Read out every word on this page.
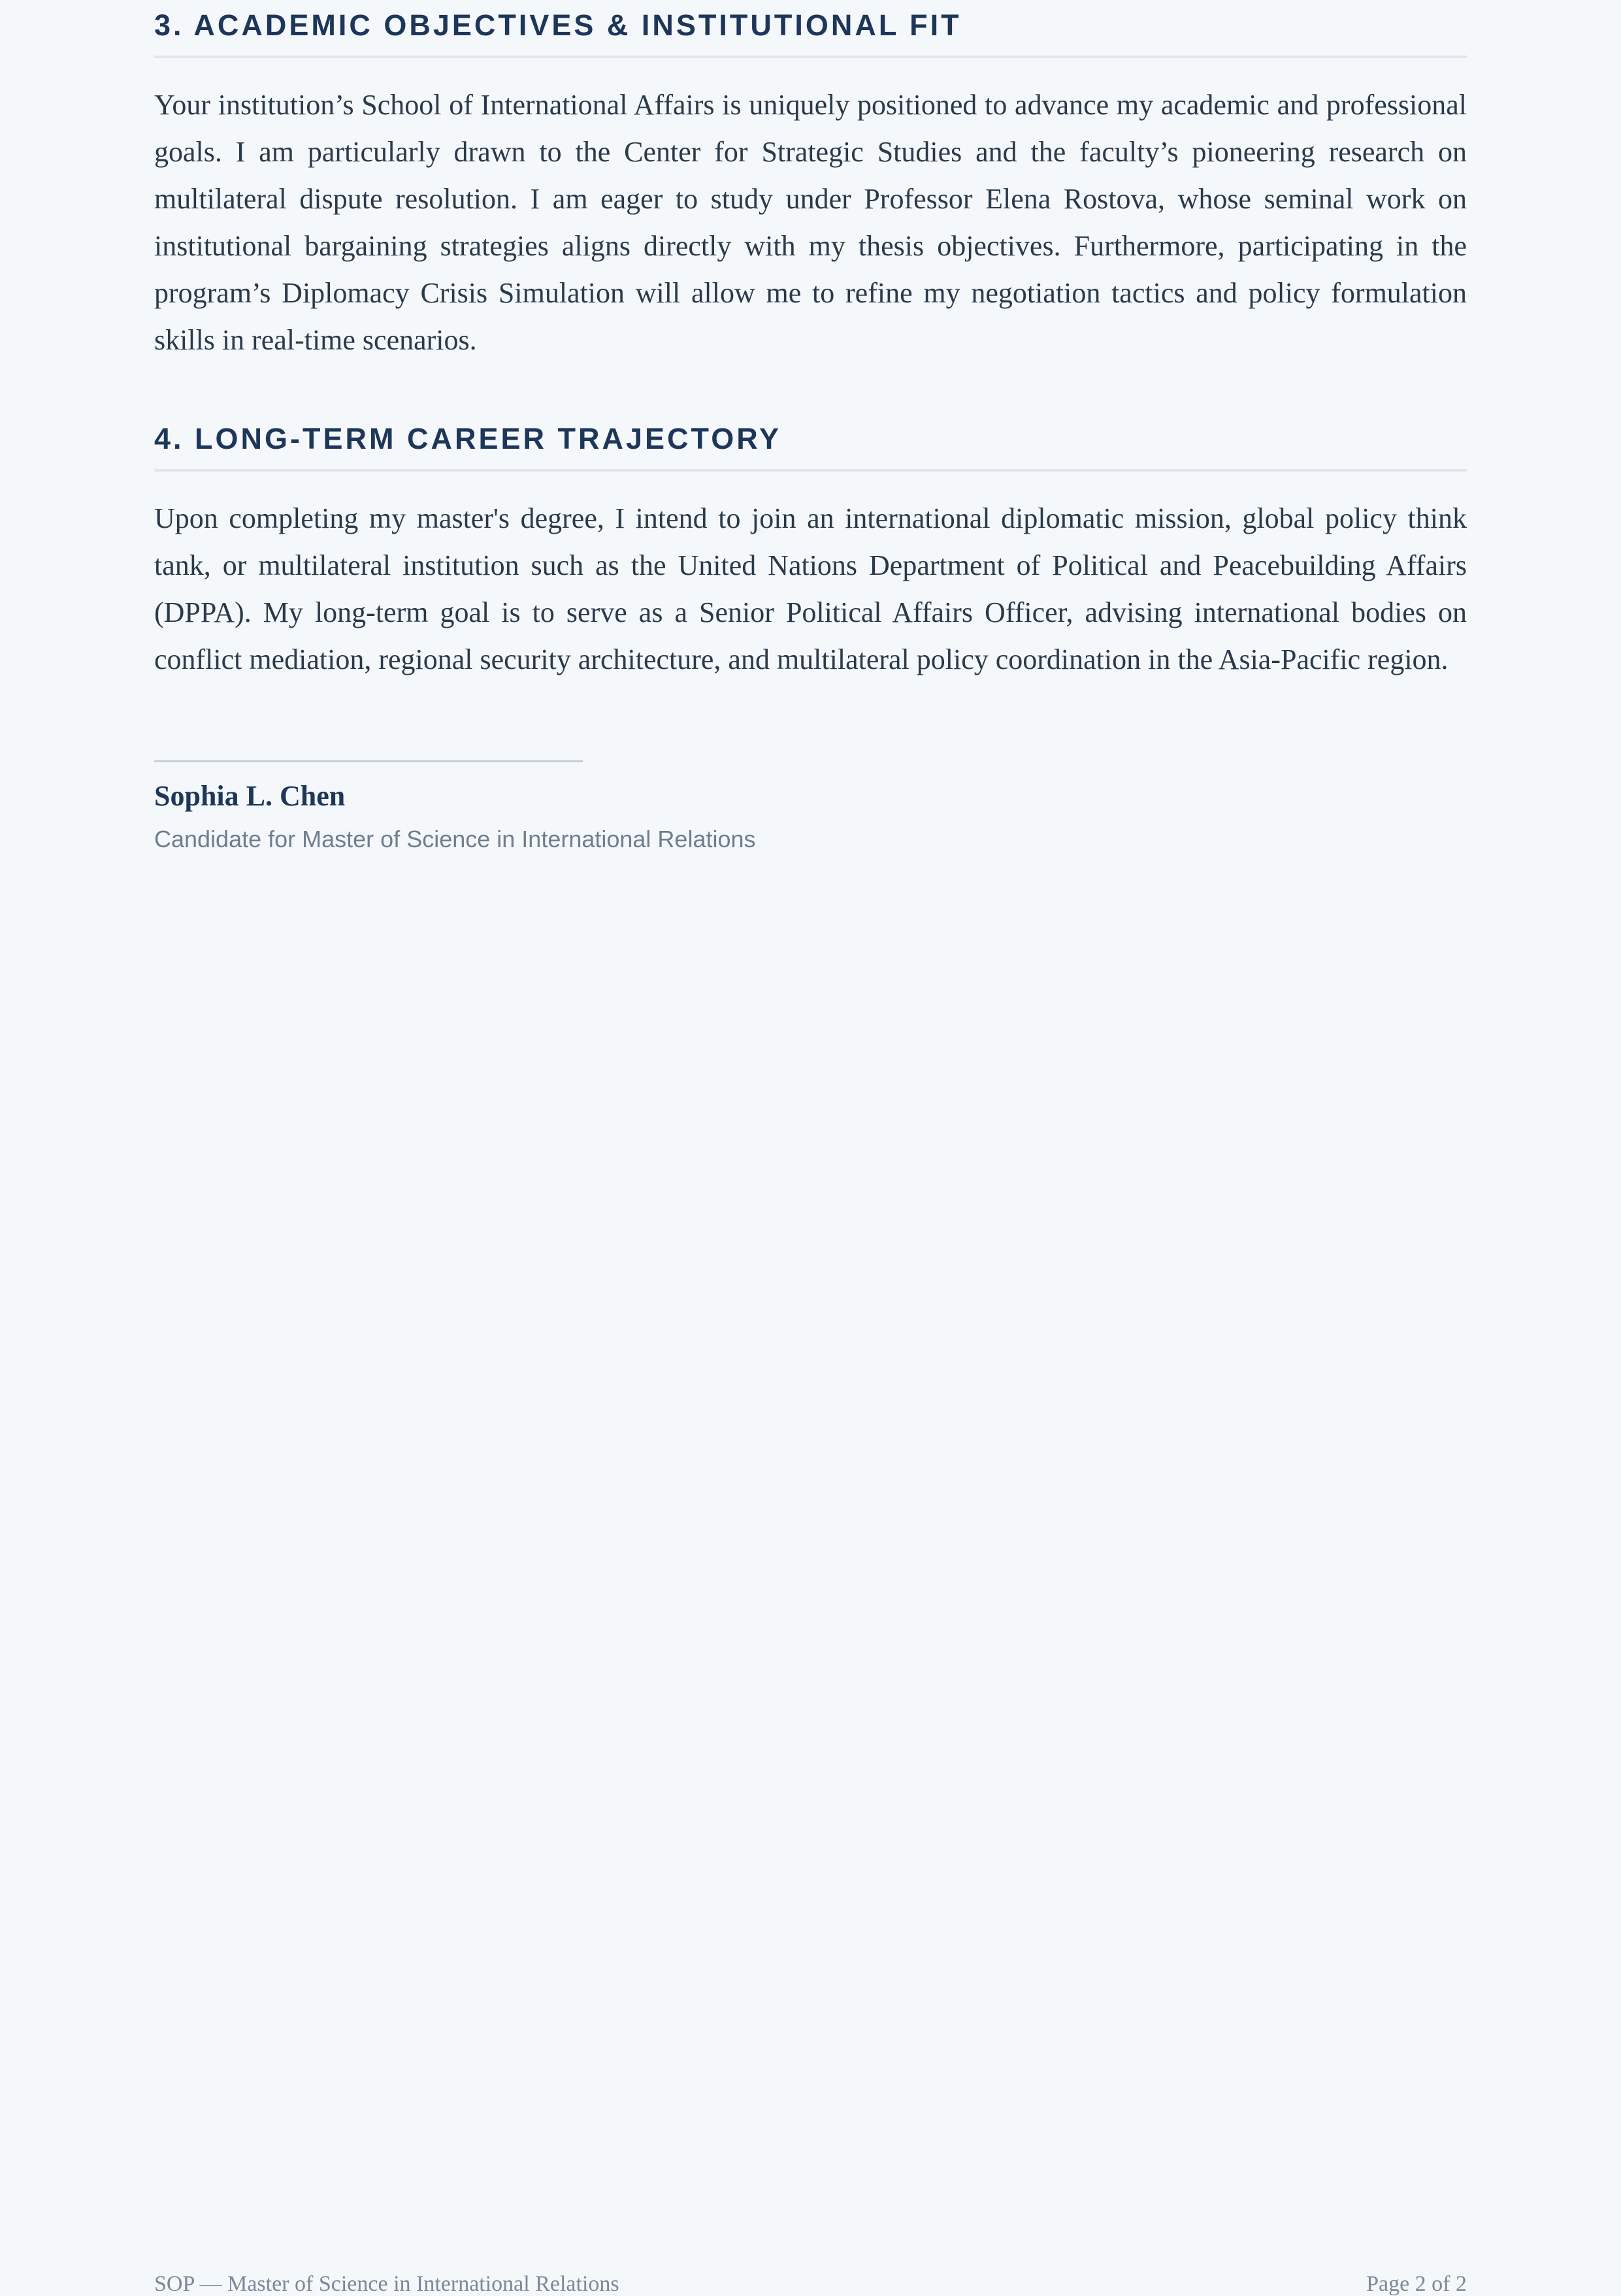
3. ACADEMIC OBJECTIVES & INSTITUTIONAL FIT

Your institution’s School of International Affairs is uniquely positioned to advance my academic and professional goals. I am particularly drawn to the Center for Strategic Studies and the faculty’s pioneering research on multilateral dispute resolution. I am eager to study under Professor Elena Rostova, whose seminal work on institutional bargaining strategies aligns directly with my thesis objectives. Furthermore, participating in the program’s Diplomacy Crisis Simulation will allow me to refine my negotiation tactics and policy formulation skills in real-time scenarios.

4. LONG-TERM CAREER TRAJECTORY

Upon completing my master's degree, I intend to join an international diplomatic mission, global policy think tank, or multilateral institution such as the United Nations Department of Political and Peacebuilding Affairs (DPPA). My long-term goal is to serve as a Senior Political Affairs Officer, advising international bodies on conflict mediation, regional security architecture, and multilateral policy coordination in the Asia-Pacific region.

Sophia L. Chen
Candidate for Master of Science in International Relations
SOP — Master of Science in International Relations	Page 2 of 2
